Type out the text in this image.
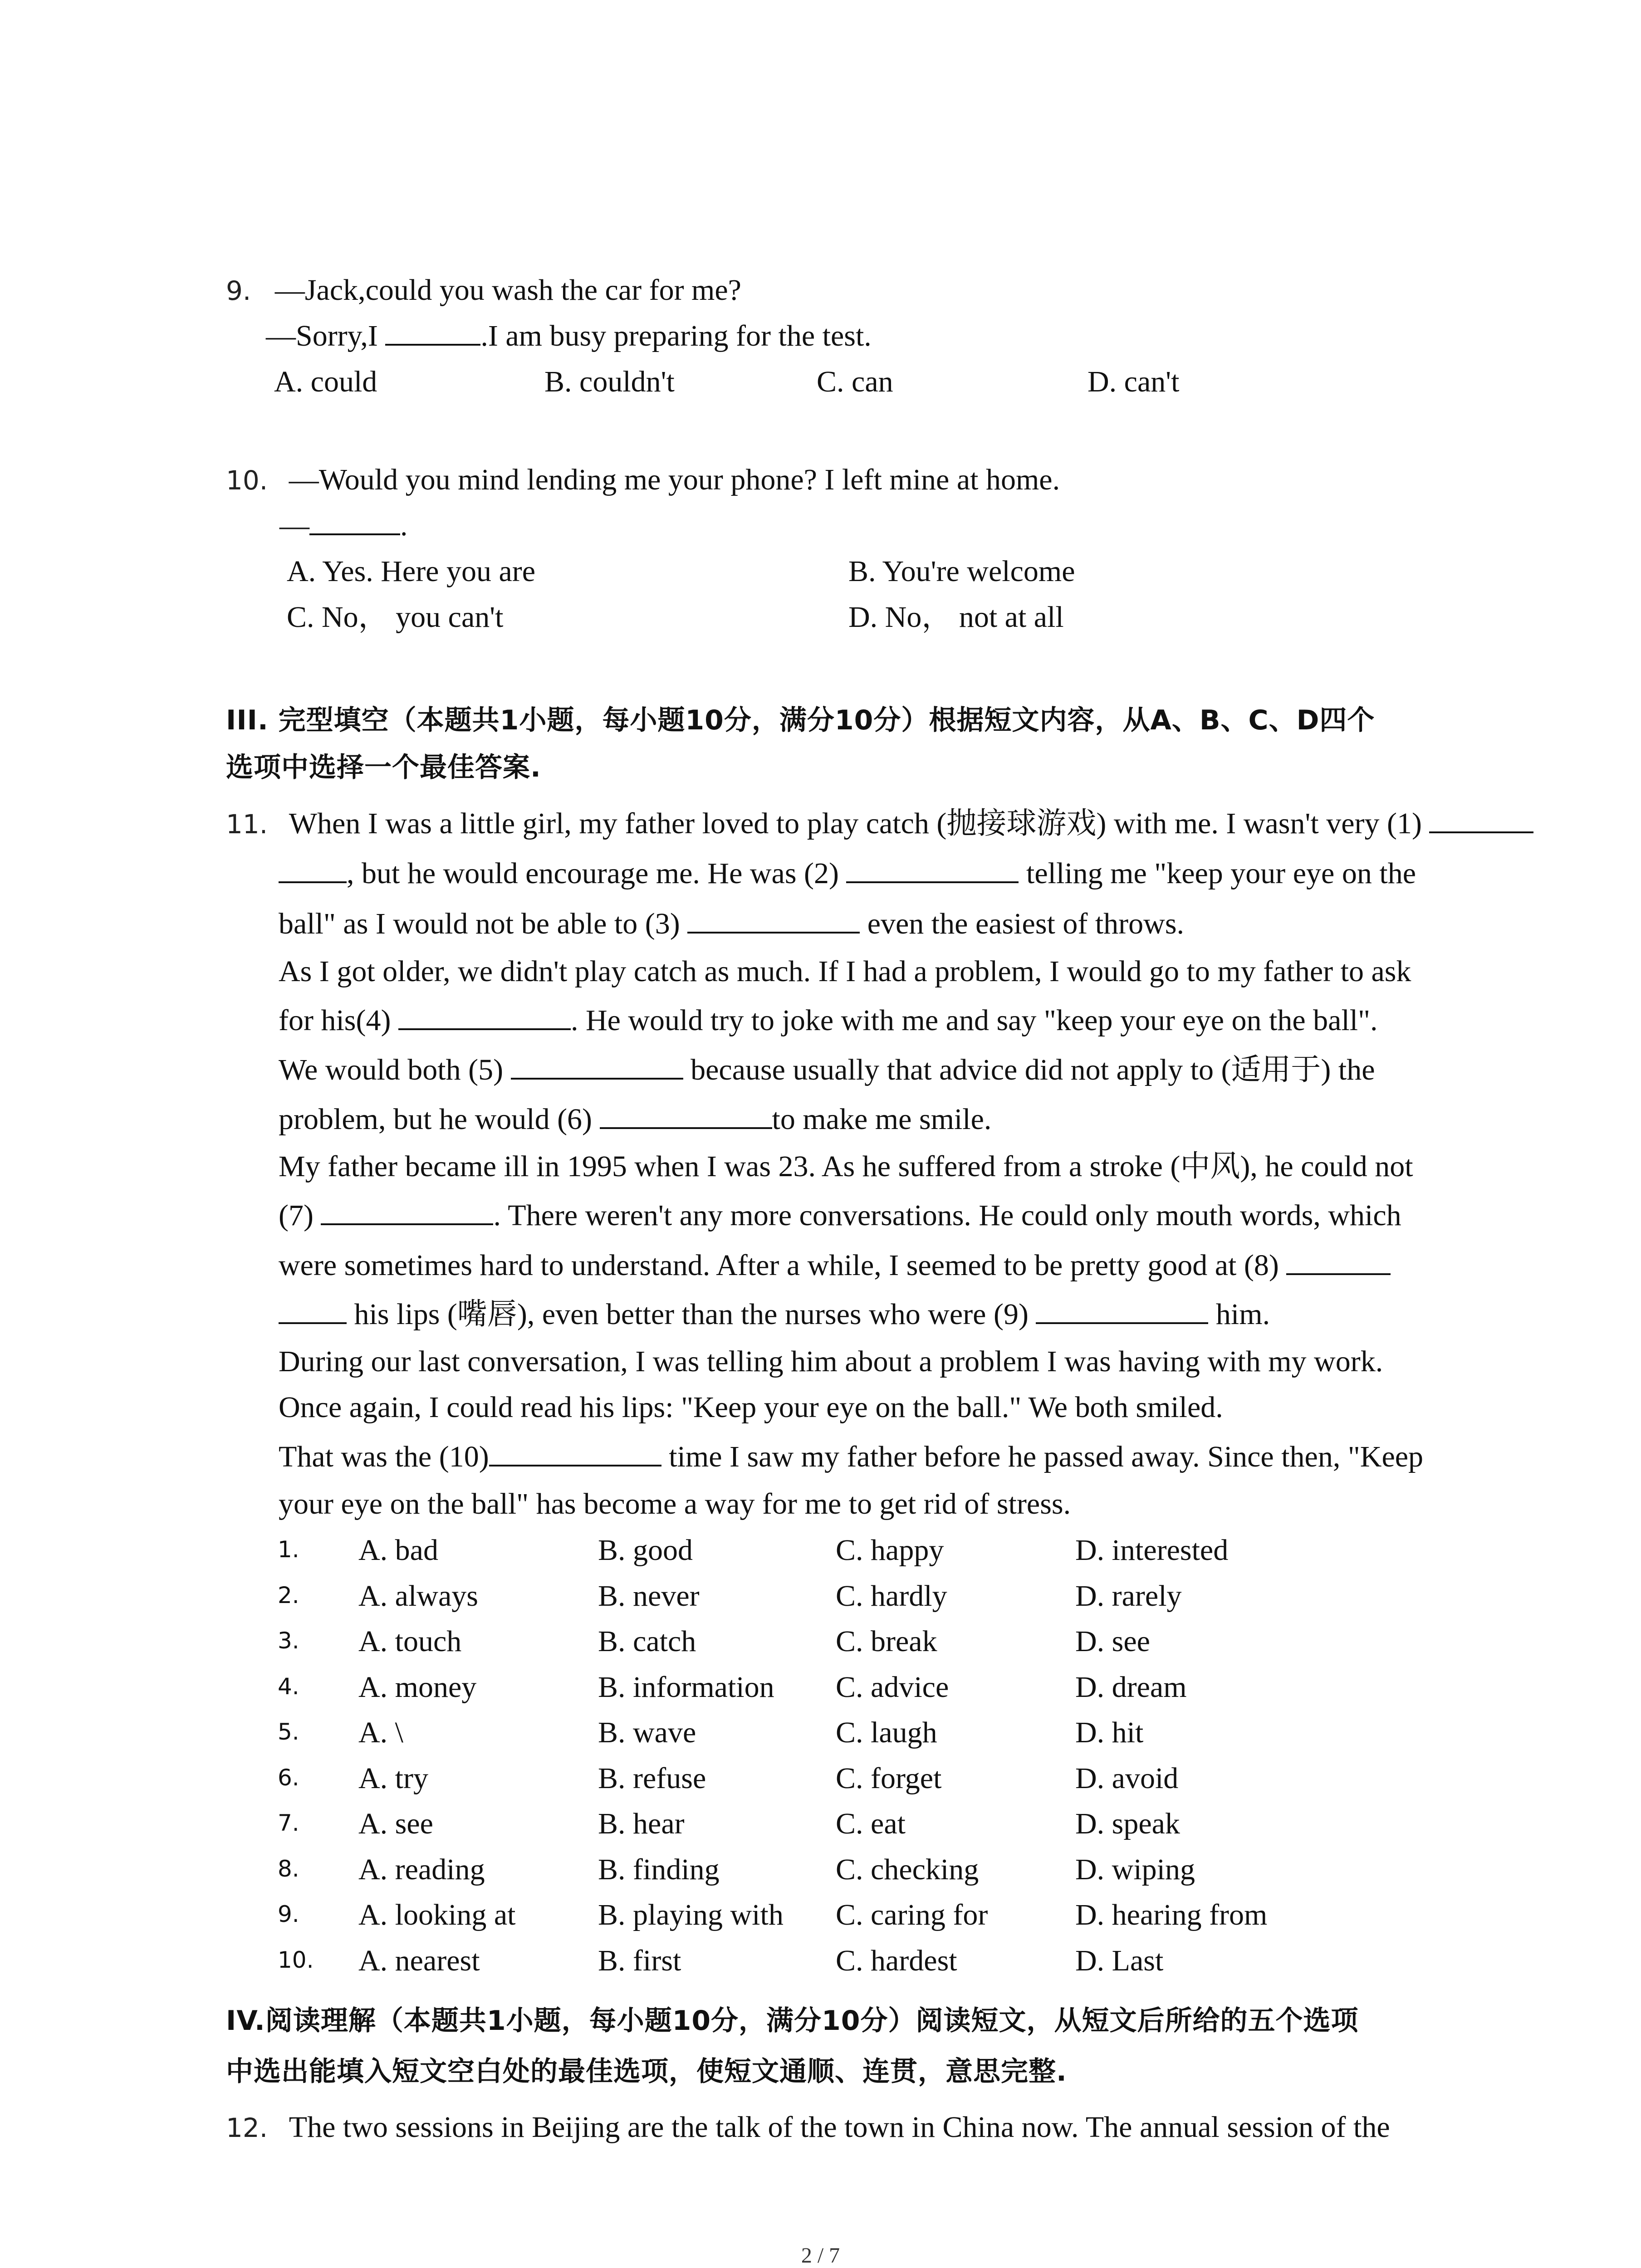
9. —Jack,could you wash the car for me?
—Sorry,I	.I am busy preparing for the test.
A. could	B. couldn't	C. can	D. can't
10. —Would you mind lending me your phone? I left mine at home.
—	.
A. Yes. Here you are	B. You're welcome
C. No， you can't	D. No， not at all
III. 完型填空（本题共1小题，每小题10分，满分10分）根据短文内容，从A、B、C、D四个
选项中选择一个最佳答案.
11. When I was a little girl, my father loved to play catch (抛接球游戏) with me. I wasn't very (1)
, but he would encourage me. He was (2)	telling me "keep your eye on the
ball" as I would not be able to (3)	even the easiest of throws.
As I got older, we didn't play catch as much. If I had a problem, I would go to my father to ask
for his(4)	. He would try to joke with me and say "keep your eye on the ball".
We would both (5)	because usually that advice did not apply to (适用于) the
problem, but he would (6)	to make me smile.
My father became ill in 1995 when I was 23. As he suffered from a stroke (中风), he could not
(7)	. There weren't any more conversations. He could only mouth words, which
were sometimes hard to understand. After a while, I seemed to be pretty good at (8)
his lips (嘴唇), even better than the nurses who were (9)	him.
During our last conversation, I was telling him about a problem I was having with my work.
Once again, I could read his lips: "Keep your eye on the ball." We both smiled.
That was the (10)	time I saw my father before he passed away. Since then, "Keep
your eye on the ball" has become a way for me to get rid of stress.
1. A. bad	B. good	C. happy	D. interested
2. A. always	B. never	C. hardly	D. rarely
3. A. touch	B. catch	C. break	D. see
4. A. money	B. information C. advice	D. dream
5. A. \	B. wave	C. laugh	D. hit
6. A. try	B. refuse	C. forget	D. avoid
7. A. see	B. hear	C. eat	D. speak
8. A. reading	B. finding	C. checking	D. wiping
9. A. looking at	B. playing with C. caring for	D. hearing from
10. A. nearest	B. first	C. hardest	D. Last
IV.阅读理解（本题共1小题，每小题10分，满分10分）阅读短文，从短文后所给的五个选项
中选出能填入短文空白处的最佳选项，使短文通顺、连贯，意思完整.
12. The two sessions in Beijing are the talk of the town in China now. The annual session of the
2 / 7
